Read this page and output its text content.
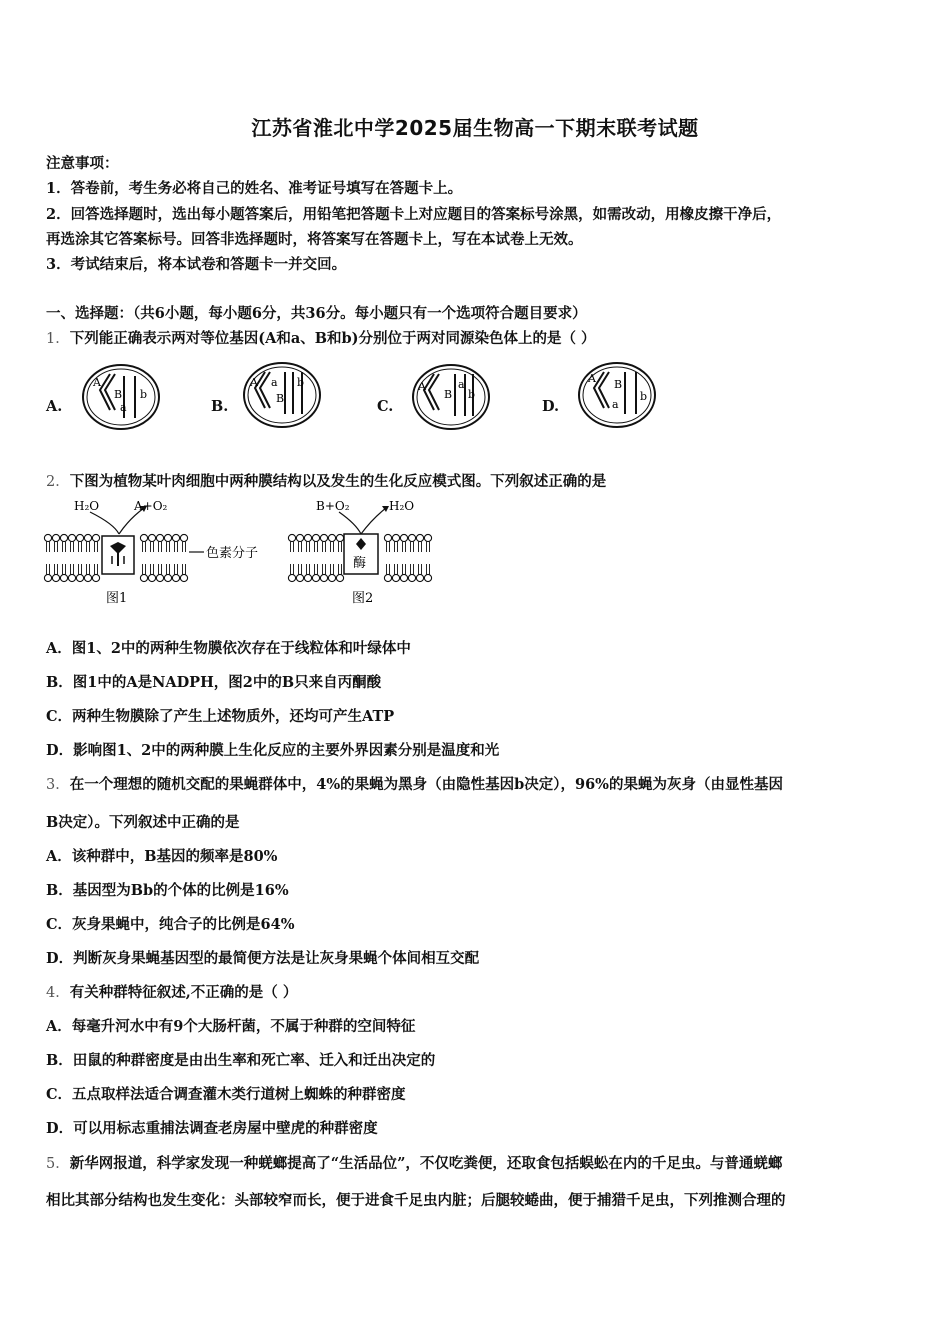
江苏省淮北中学2025届生物高一下期末联考试题
注意事项：
1．答卷前，考生务必将自己的姓名、准考证号填写在答题卡上。
2．回答选择题时，选出每小题答案后，用铅笔把答题卡上对应题目的答案标号涂黑，如需改动，用橡皮擦干净后，
再选涂其它答案标号。回答非选择题时，将答案写在答题卡上，写在本试卷上无效。
3．考试结束后，将本试卷和答题卡一并交回。
一、选择题：（共6小题，每小题6分，共36分。每小题只有一个选项符合题目要求）
1．下列能正确表示两对等位基因(A和a、B和b)分别位于两对同源染色体上的是（ ）
A.	B.	C.	D.
A
B
a
b
A a
B
b	A
B
a
b
A B
a
b
2．下图为植物某叶肉细胞中两种膜结构以及发生的生化反应模式图。下列叙述正确的是
H₂O	A+O₂
色素分子
图1
酶
B+O₂	H₂O
图2
A．图1、2中的两种生物膜依次存在于线粒体和叶绿体中
B．图1中的A是NADPH，图2中的B只来自丙酮酸
C．两种生物膜除了产生上述物质外，还均可产生ATP
D．影响图1、2中的两种膜上生化反应的主要外界因素分别是温度和光
3．在一个理想的随机交配的果蝇群体中，4%的果蝇为黑身（由隐性基因b决定），96%的果蝇为灰身（由显性基因
B决定）。下列叙述中正确的是
A．该种群中，B基因的频率是80%
B．基因型为Bb的个体的比例是16%
C．灰身果蝇中，纯合子的比例是64%
D．判断灰身果蝇基因型的最简便方法是让灰身果蝇个体间相互交配
4．有关种群特征叙述,不正确的是（ ）
A．每毫升河水中有9个大肠杆菌，不属于种群的空间特征
B．田鼠的种群密度是由出生率和死亡率、迁入和迁出决定的
C．五点取样法适合调查灌木类行道树上蜘蛛的种群密度
D．可以用标志重捕法调查老房屋中壁虎的种群密度
5．新华网报道，科学家发现一种蜣螂提高了“生活品位”，不仅吃粪便，还取食包括蜈蚣在内的千足虫。与普通蜣螂
相比其部分结构也发生变化：头部较窄而长，便于进食千足虫内脏；后腿较蜷曲，便于捕猎千足虫，下列推测合理的
